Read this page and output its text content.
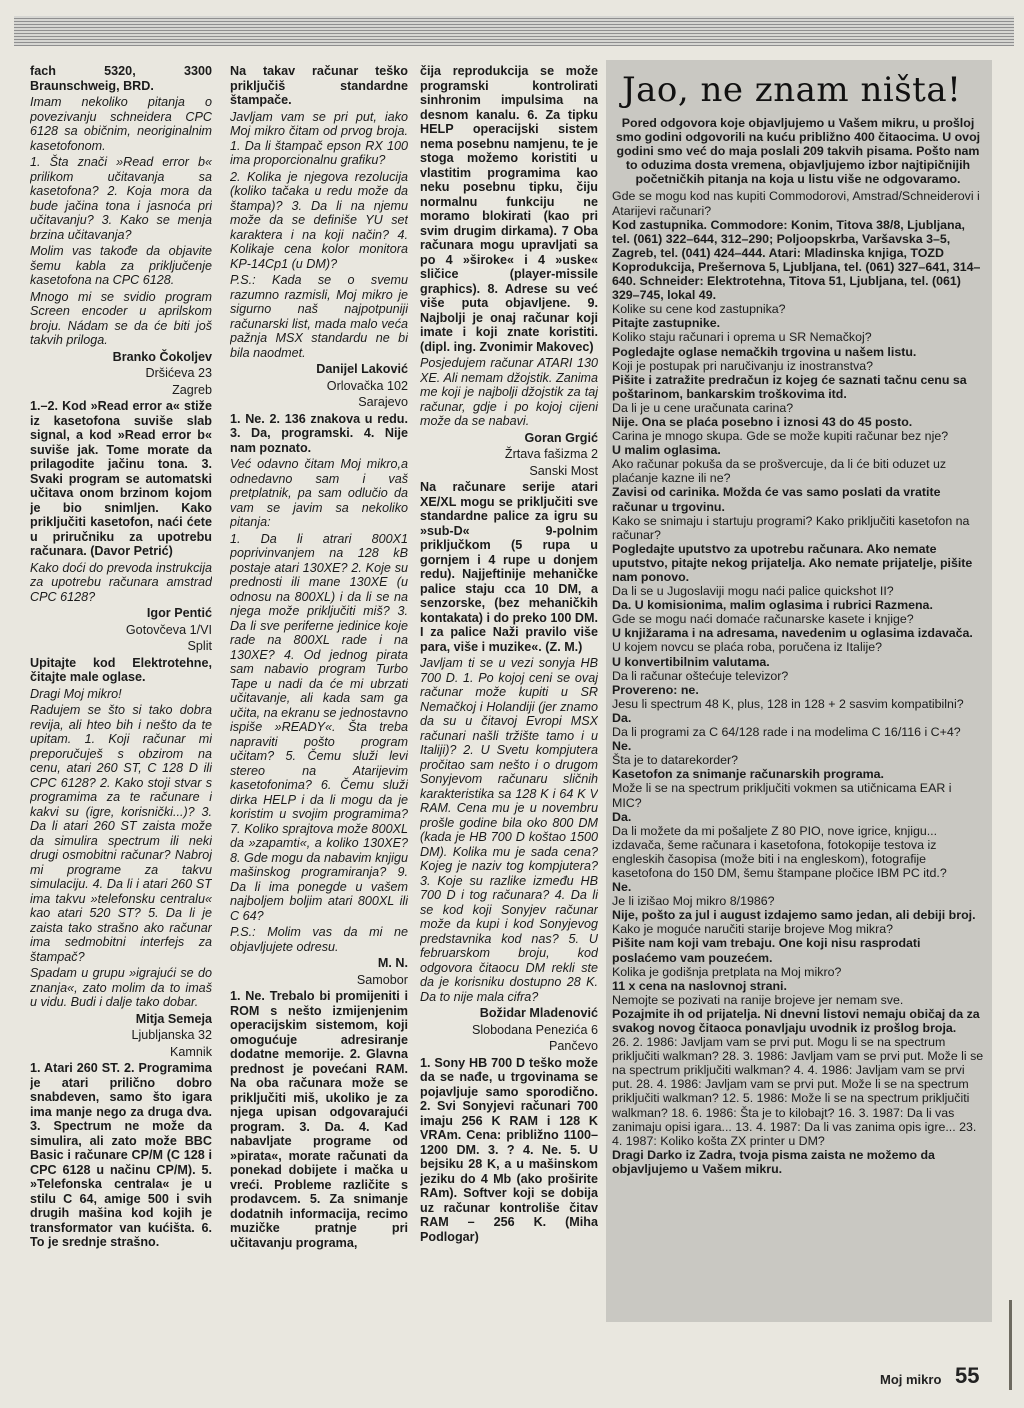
fach 5320, 3300 Braunschweig, BRD.

Imam nekoliko pitanja o povezivanju schneidera CPC 6128 sa običnim, neoriginalnim kasetofonom.

1. Šta znači »Read error b« prilikom učitavanja sa kasetofona? 2. Koja mora da bude jačina tona i jasnoća pri učitavanju? 3. Kako se menja brzina učitavanja?

Molim vas takođe da objavite šemu kabla za priključenje kasetofona na CPC 6128.

Mnogo mi se svidio program Screen encoder u aprilskom broju. Nádam se da će biti još takvih priloga.

Branko Čokoljev

Dršićeva 23

Zagreb

1.–2. Kod »Read error a« stiže iz kasetofona suviše slab signal, a kod »Read error b« suviše jak. Tome morate da prilagodite jačinu tona. 3. Svaki program se automatski učitava onom brzinom kojom je bio snimljen. Kako priključiti kasetofon, naći ćete u priručniku za upotrebu računara. (Davor Petrić)

Kako doći do prevoda instrukcija za upotrebu računara amstrad CPC 6128?

Igor Pentić

Gotovčeva 1/VI

Split

Upitajte kod Elektrotehne, čitajte male oglase.

Dragi Moj mikro!

Radujem se što si tako dobra revija, ali hteo bih i nešto da te upitam. 1. Koji računar mi preporučuješ s obzirom na cenu, atari 260 ST, C 128 D ili CPC 6128? 2. Kako stoji stvar s programima za te računare i kakvi su (igre, korisnički...)? 3. Da li atari 260 ST zaista može da simulira spectrum ili neki drugi osmobitni računar? Nabroj mi programe za takvu simulaciju. 4. Da li i atari 260 ST ima takvu »telefonsku centralu« kao atari 520 ST? 5. Da li je zaista tako strašno ako računar ima sedmobitni interfejs za štampač?

Spadam u grupu »igrajući se do znanja«, zato molim da to imaš u vidu. Budi i dalje tako dobar.

Mitja Semeja

Ljubljanska 32

Kamnik

1. Atari 260 ST. 2. Programima je atari prilično dobro snabdeven, samo što igara ima manje nego za druga dva. 3. Spectrum ne može da simulira, ali zato može BBC Basic i računare CP/M (C 128 i CPC 6128 u načinu CP/M). 5. »Telefonska centrala« je u stilu C 64, amige 500 i svih drugih mašina kod kojih je transformator van kućišta. 6. To je srednje strašno.

Na takav računar teško priključiš standardne štampače.

Javljam vam se pri put, iako Moj mikro čitam od prvog broja. 1. Da li štampač epson RX 100 ima proporcionalnu grafiku?

2. Kolika je njegova rezolucija (koliko tačaka u redu može da štampa)? 3. Da li na njemu može da se definiše YU set karaktera i na koji način? 4. Kolikaje cena kolor monitora KP-14Cp1 (u DM)?

P.S.: Kada se o svemu razumno razmisli, Moj mikro je sigurno naš najpotpuniji računarski list, mada malo veća pažnja MSX standardu ne bi bila naodmet.

Danijel Laković

Orlovačka 102

Sarajevo

1. Ne. 2. 136 znakova u redu. 3. Da, programski. 4. Nije nam poznato.

Već odavno čitam Moj mikro,a odnedavno sam i vaš pretplatnik, pa sam odlučio da vam se javim sa nekoliko pitanja:

1. Da li atrari 800X1 poprivinvanjem na 128 kB postaje atari 130XE? 2. Koje su prednosti ili mane 130XE (u odnosu na 800XL) i da li se na njega može priključiti miš? 3. Da li sve periferne jedinice koje rade na 800XL rade i na 130XE? 4. Od jednog pirata sam nabavio program Turbo Tape u nadi da će mi ubrzati učitavanje, ali kada sam ga učita, na ekranu se jednostavno ispiše »READY«. Šta treba napraviti pošto program učitam? 5. Čemu služi levi stereo na Atarijevim kasetofonima? 6. Čemu služi dirka HELP i da li mogu da je koristim u svojim programima? 7. Koliko sprajtova može 800XL da »zapamti«, a koliko 130XE? 8. Gde mogu da nabavim knjigu mašinskog programiranja? 9. Da li ima ponegde u vašem najboljem boljim atari 800XL ili C 64?

P.S.: Molim vas da mi ne objavljujete odresu.

M. N.

Samobor

1. Ne. Trebalo bi promijeniti i ROM s nešto izmijenjenim operacijskim sistemom, koji omogućuje adresiranje dodatne memorije. 2. Glavna prednost je povećani RAM. Na oba računara može se priključiti miš, ukoliko je za njega upisan odgovarajući program. 3. Da. 4. Kad nabavljate programe od »pirata«, morate računati da ponekad dobijete i mačka u vreći. Probleme različite s prodavcem. 5. Za snimanje dodatnih informacija, recimo muzičke pratnje pri učitavanju programa,

čija reprodukcija se može programski kontrolirati sinhronim impulsima na desnom kanalu. 6. Za tipku HELP operacijski sistem nema posebnu namjenu, te je stoga možemo koristiti u vlastitim programima kao neku posebnu tipku, čiju normalnu funkciju ne moramo blokirati (kao pri svim drugim dirkama). 7 Oba računara mogu upravljati sa po 4 »široke« i 4 »uske« sličice (player-missile graphics). 8. Adrese su već više puta objavljene. 9. Najbolji je onaj računar koji imate i koji znate koristiti. (dipl. ing. Zvonimir Makovec)

Posjedujem računar ATARI 130 XE. Ali nemam džojstik. Zanima me koji je najbolji džojstik za taj računar, gdje i po kojoj cijeni može da se nabavi.

Goran Grgić

Žrtava fašizma 2

Sanski Most

Na računare serije atari XE/XL mogu se priključiti sve standardne palice za igru su »sub-D« 9-polnim priključkom (5 rupa u gornjem i 4 rupe u donjem redu). Najjeftinije mehaničke palice staju cca 10 DM, a senzorske, (bez mehaničkih kontakata) i do preko 100 DM. I za palice Naži pravilo više para, više i muzike«. (Z. M.)

Javljam ti se u vezi sonyja HB 700 D. 1. Po kojoj ceni se ovaj računar može kupiti u SR Nemačkoj i Holandiji (jer znamo da su u čitavoj Evropi MSX računari našli tržište tamo i u Italiji)? 2. U Svetu kompjutera pročitao sam nešto i o drugom Sonyjevom računaru sličnih karakteristika sa 128 K i 64 K V RAM. Cena mu je u novembru prošle godine bila oko 800 DM (kada je HB 700 D koštao 1500 DM). Kolika mu je sada cena? Kojeg je naziv tog kompjutera? 3. Koje su razlike između HB 700 D i tog računara? 4. Da li se kod koji Sonyjev računar može da kupi i kod Sonyjevog predstavnika kod nas? 5. U februarskom broju, kod odgovora čitaocu DM rekli ste da je korisniku dostupno 28 K. Da to nije mala cifra?

Božidar Mladenović

Slobodana Penezića 6

Pančevo

1. Sony HB 700 D teško može da se nađe, u trgovinama se pojavljuje samo sporodično. 2. Svi Sonyjevi računari 700 imaju 256 K RAM i 128 K VRAm. Cena: približno 1100–1200 DM. 3. ? 4. Ne. 5. U bejsiku 28 K, a u mašinskom jeziku do 4 Mb (ako proširite RAm). Softver koji se dobija uz računar kontroliše čitav RAM – 256 K. (Miha Podlogar)

Jao, ne znam ništa!

Pored odgovora koje objavljujemo u Vašem mikru, u prošloj smo godini odgovorili na kuću približno 400 čitaocima. U ovoj godini smo već do maja poslali 209 takvih pisama. Pošto nam to oduzima dosta vremena, objavljujemo izbor najtipičnijih početničkih pitanja na koja u listu više ne odgovaramo.

Gde se mogu kod nas kupiti Commodorovi, Amstrad/Schneiderovi i Atarijevi računari?

Kod zastupnika. Commodore: Konim, Titova 38/8, Ljubljana, tel. (061) 322–644, 312–290; Poljoopskrba, Varšavska 3–5, Zagreb, tel. (041) 424–444. Atari: Mladinska knjiga, TOZD Koprodukcija, Prešernova 5, Ljubljana, tel. (061) 327–641, 314–640. Schneider: Elektrotehna, Titova 51, Ljubljana, tel. (061) 329–745, lokal 49.

Kolike su cene kod zastupnika?

Pitajte zastupnike.

Koliko staju računari i oprema u SR Nemačkoj?

Pogledajte oglase nemačkih trgovina u našem listu.

Koji je postupak pri naručivanju iz inostranstva?

Pišite i zatražite predračun iz kojeg će saznati tačnu cenu sa poštarinom, bankarskim troškovima itd.

Da li je u cene uračunata carina?

Nije. Ona se plaća posebno i iznosi 43 do 45 posto.

Carina je mnogo skupa. Gde se može kupiti računar bez nje?

U malim oglasima.

Ako računar pokuša da se prošvercuje, da li će biti oduzet uz plaćanje kazne ili ne?

Zavisi od carinika. Možda će vas samo poslati da vratite računar u trgovinu.

Kako se snimaju i startuju programi? Kako priključiti kasetofon na računar?

Pogledajte uputstvo za upotrebu računara. Ako nemate uputstvo, pitajte nekog prijatelja. Ako nemate prijatelje, pišite nam ponovo.

Da li se u Jugoslaviji mogu naći palice quickshot II?

Da. U komisionima, malim oglasima i rubrici Razmena.

Gde se mogu naći domaće računarske kasete i knjige?

U knjižarama i na adresama, navedenim u oglasima izdavača.

U kojem novcu se plaća roba, poručena iz Italije?

U konvertibilnim valutama.

Da li računar oštećuje televizor?

Provereno: ne.

Jesu li spectrum 48 K, plus, 128 in 128 + 2 sasvim kompatibilni?

Da.

Da li programi za C 64/128 rade i na modelima C 16/116 i C+4?

Ne.

Šta je to datarekorder?

Kasetofon za snimanje računarskih programa.

Može li se na spectrum priključiti vokmen sa utičnicama EAR i MIC?

Da.

Da li možete da mi pošaljete Z 80 PIO, nove igrice, knjigu... izdavača, šeme računara i kasetofona, fotokopije testova iz engleskih časopisa (može biti i na engleskom), fotografije kasetofona do 150 DM, šemu štampane pločice IBM PC itd.?

Ne.

Je li izišao Moj mikro 8/1986?

Nije, pošto za jul i august izdajemo samo jedan, ali debiji broj.

Kako je moguće naručiti starije brojeve Mog mikra?

Pišite nam koji vam trebaju. One koji nisu rasprodati poslaćemo vam pouzećem.

Kolika je godišnja pretplata na Moj mikro?

11 x cena na naslovnoj strani.

Nemojte se pozivati na ranije brojeve jer nemam sve.

Pozajmite ih od prijatelja. Ni dnevni listovi nemaju običaj da za svakog novog čitaoca ponavljaju uvodnik iz prošlog broja.

26. 2. 1986: Javljam vam se prvi put. Mogu li se na spectrum priključiti walkman? 28. 3. 1986: Javljam vam se prvi put. Može li se na spectrum priključiti walkman? 4. 4. 1986: Javljam vam se prvi put. 28. 4. 1986: Javljam vam se prvi put. Može li se na spectrum priključiti walkman? 12. 5. 1986: Može li se na spectrum priključiti walkman? 18. 6. 1986: Šta je to kilobajt? 16. 3. 1987: Da li vas zanimaju opisi igara... 13. 4. 1987: Da li vas zanima opis igre... 23. 4. 1987: Koliko košta ZX printer u DM?

Dragi Darko iz Zadra, tvoja pisma zaista ne možemo da objavljujemo u Vašem mikru.

Moj mikro 55
